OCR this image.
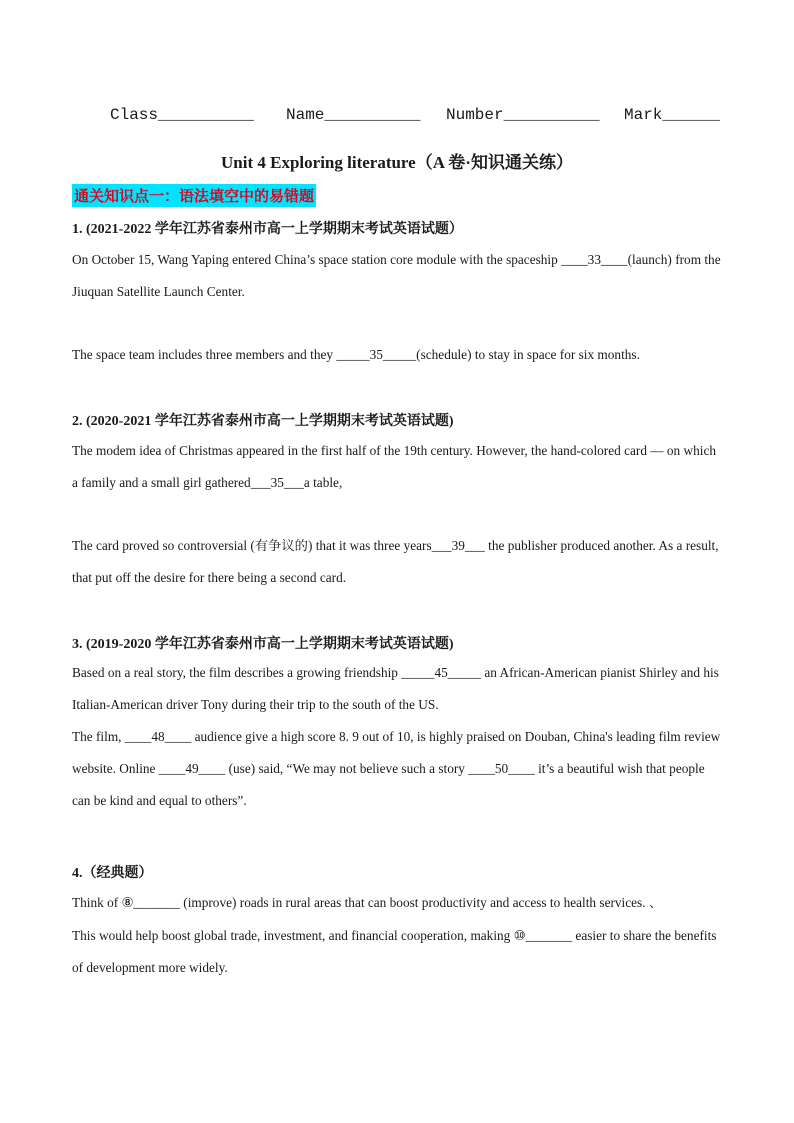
Class__________ Name__________ Number__________ Mark______
Unit 4 Exploring literature（A 卷·知识通关练）
通关知识点一：语法填空中的易错题
1. (2021-2022 学年江苏省泰州市高一上学期期末考试英语试题）
On October 15, Wang Yaping entered China’s space station core module with the spaceship ____33____(launch) from the Jiuquan Satellite Launch Center.
The space team includes three members and they _____35_____(schedule) to stay in space for six months.
2. (2020-2021 学年江苏省泰州市高一上学期期末考试英语试题)
The modem idea of Christmas appeared in the first half of the 19th century. However, the hand-colored card — on which a family and a small girl gathered___35___a table,
The card proved so controversial (有争议的) that it was three years___39___ the publisher produced another. As a result, that put off the desire for there being a second card.
3. (2019-2020 学年江苏省泰州市高一上学期期末考试英语试题)
Based on a real story, the film describes a growing friendship _____45_____ an African-American pianist Shirley and his Italian-American driver Tony during their trip to the south of the US.
The film, ____48____ audience give a high score 8. 9 out of 10, is highly praised on Douban, China's leading film review website. Online ____49____ (use) said, “We may not believe such a story ____50____ it’s a beautiful wish that people can be kind and equal to others”.
4.（经典题）
Think of ⑧_______ (improve) roads in rural areas that can boost productivity and access to health services. 、
This would help boost global trade, investment, and financial cooperation, making ⑩_______ easier to share the benefits of development more widely.
